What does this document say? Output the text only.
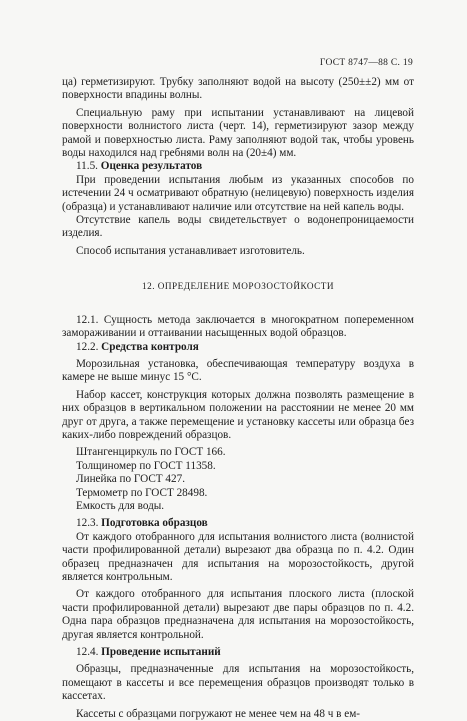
ГОСТ 8747—88 С. 19

ца) герметизируют. Трубку заполняют водой на высоту (250±±2) мм от поверхности впадины волны.

Специальную раму при испытании устанавливают на лицевой поверхности волнистого листа (черт. 14), герметизируют зазор между рамой и поверхностью листа. Раму заполняют водой так, чтобы уровень воды находился над гребнями волн на (20±4) мм.

11.5. Оценка результатов

При проведении испытания любым из указанных способов по истечении 24 ч осматривают обратную (нелицевую) поверхность изделия (образца) и устанавливают наличие или отсутствие на ней капель воды.

Отсутствие капель воды свидетельствует о водонепроницаемости изделия.

Способ испытания устанавливает изготовитель.

12. ОПРЕДЕЛЕНИЕ МОРОЗОСТОЙКОСТИ

12.1. Сущность метода заключается в многократном попеременном замораживании и оттаивании насыщенных водой образцов.

12.2. Средства контроля

Морозильная установка, обеспечивающая температуру воздуха в камере не выше минус 15 °С.

Набор кассет, конструкция которых должна позволять размещение в них образцов в вертикальном положении на расстоянии не менее 20 мм друг от друга, а также перемещение и установку кассеты или образца без каких-либо повреждений образцов.

Штангенциркуль по ГОСТ 166.

Толщиномер по ГОСТ 11358.

Линейка по ГОСТ 427.

Термометр по ГОСТ 28498.

Емкость для воды.

12.3. Подготовка образцов

От каждого отобранного для испытания волнистого листа (волнистой части профилированной детали) вырезают два образца по п. 4.2. Один образец предназначен для испытания на морозостойкость, другой является контрольным.

От каждого отобранного для испытания плоского листа (плоской части профилированной детали) вырезают две пары образцов по п. 4.2. Одна пара образцов предназначена для испытания на морозостойкость, другая является контрольной.

12.4. Проведение испытаний

Образцы, предназначенные для испытания на морозостойкость, помещают в кассеты и все перемещения образцов производят только в кассетах.

Кассеты с образцами погружают не менее чем на 48 ч в ем-
